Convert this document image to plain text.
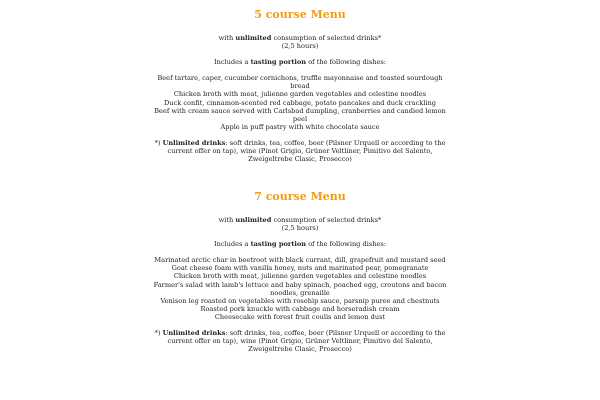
5 course Menu
with unlimited consumption of selected drinks*
(2,5 hours)
Includes a tasting portion of the following dishes:
Beef tartare, caper, cucumber cornichons, truffle mayonnaise and toasted sourdough bread
Chicken broth with meat, julienne garden vegetables and celestine noodles
Duck confit, cinnamon-scented red cabbage, potato pancakes and duck crackling
Beef with cream sauce served with Carlsbad dumpling, cranberries and candied lemon peel
Apple in puff pastry with white chocolate sauce
*) Unlimited drinks: soft drinks, tea, coffee, beer (Pilsner Urquell or according to the current offer on tap), wine (Pinot Grigio, Grüner Veltliner, Pimitivo del Salento, Zweigeltrebe Clasic, Prosecco)
7 course Menu
with unlimited consumption of selected drinks*
(2,5 hours)
Includes a tasting portion of the following dishes:
Marinated arctic char in beetroot with black currant, dill, grapefruit and mustard seed
Goat cheese foam with vanilla honey, nuts and marinated pear, pomegranate
Chicken broth with meat, julienne garden vegetables and celestine noodles
Farmer's salad with lamb's lettuce and baby spinach, poached egg, croutons and bacon noodles, grenaille
Venison leg roasted on vegetables with rosehip sauce, parsnip puree and chestnuts
Roasted pork knuckle with cabbage and horseradish cream
Cheesecake with forest fruit coulis and lemon dust
*) Unlimited drinks: soft drinks, tea, coffee, beer (Pilsner Urquell or according to the current offer on tap), wine (Pinot Grigio, Grüner Veltliner, Pimitivo del Salento, Zweigeltrebe Clasic, Prosecco)
